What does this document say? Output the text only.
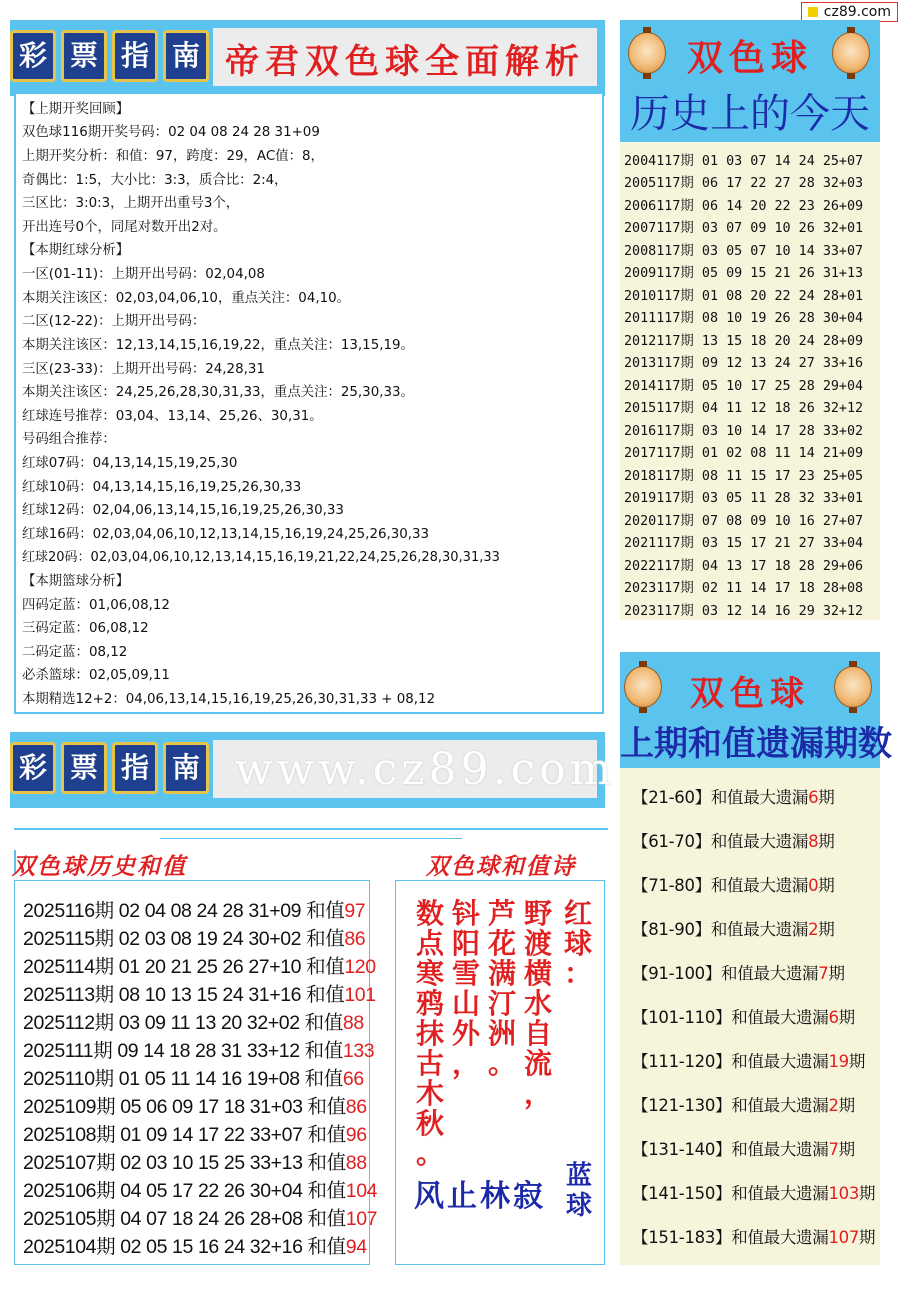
cz89.com
彩 票 指 南 帝君双色球全面解析
【上期开奖回顾】
双色球116期开奖号码：02 04 08 24 28 31+09
上期开奖分析：和值：97，跨度：29，AC值：8，
奇偶比：1:5，大小比：3:3，质合比：2:4，
三区比：3:0:3，上期开出重号3个，
开出连号0个，同尾对数开出2对。
【本期红球分析】
一区(01-11)：上期开出号码：02,04,08
本期关注该区：02,03,04,06,10，重点关注：04,10。
二区(12-22)：上期开出号码：
本期关注该区：12,13,14,15,16,19,22，重点关注：13,15,19。
三区(23-33)：上期开出号码：24,28,31
本期关注该区：24,25,26,28,30,31,33，重点关注：25,30,33。
红球连号推荐：03,04、13,14、25,26、30,31。
号码组合推荐：
红球07码：04,13,14,15,19,25,30
红球10码：04,13,14,15,16,19,25,26,30,33
红球12码：02,04,06,13,14,15,16,19,25,26,30,33
红球16码：02,03,04,06,10,12,13,14,15,16,19,24,25,26,30,33
红球20码：02,03,04,06,10,12,13,14,15,16,19,21,22,24,25,26,28,30,31,33
【本期篮球分析】
四码定蓝：01,06,08,12
三码定蓝：06,08,12
二码定蓝：08,12
必杀篮球：02,05,09,11
本期精选12+2：04,06,13,14,15,16,19,25,26,30,31,33 + 08,12
彩 票 指 南 www.cz89.com
双色球
历史上的今天
2004117期 01 03 07 14 24 25+07
2005117期 06 17 22 27 28 32+03
2006117期 06 14 20 22 23 26+09
2007117期 03 07 09 10 26 32+01
2008117期 03 05 07 10 14 33+07
2009117期 05 09 15 21 26 31+13
2010117期 01 08 20 22 24 28+01
2011117期 08 10 19 26 28 30+04
2012117期 13 15 18 20 24 28+09
2013117期 09 12 13 24 27 33+16
2014117期 05 10 17 25 28 29+04
2015117期 04 11 12 18 26 32+12
2016117期 03 10 14 17 28 33+02
2017117期 01 02 08 11 14 21+09
2018117期 08 11 15 17 23 25+05
2019117期 03 05 11 28 32 33+01
2020117期 07 08 09 10 16 27+07
2021117期 03 15 17 21 27 33+04
2022117期 04 13 17 18 28 29+06
2023117期 02 11 14 17 18 28+08
2023117期 03 12 14 16 29 32+12
双色球
上期和值遗漏期数
【21-60】和值最大遗漏6期
【61-70】和值最大遗漏8期
【71-80】和值最大遗漏0期
【81-90】和值最大遗漏2期
【91-100】和值最大遗漏7期
【101-110】和值最大遗漏6期
【111-120】和值最大遗漏19期
【121-130】和值最大遗漏2期
【131-140】和值最大遗漏7期
【141-150】和值最大遗漏103期
【151-183】和值最大遗漏107期
双色球历史和值	双色球和值诗
2025116期 02 04 08 24 28 31+09 和值97
2025115期 02 03 08 19 24 30+02 和值86
2025114期 01 20 21 25 26 27+10 和值120
2025113期 08 10 13 15 24 31+16 和值101
2025112期 03 09 11 13 20 32+02 和值88
2025111期 09 14 18 28 31 33+12 和值133
2025110期 01 05 11 14 16 19+08 和值66
2025109期 05 06 09 17 18 31+03 和值86
2025108期 01 09 14 17 22 33+07 和值96
2025107期 02 03 10 15 25 33+13 和值88
2025106期 04 05 17 22 26 30+04 和值104
2025105期 04 07 18 24 26 28+08 和值107
2025104期 02 05 15 16 24 32+16 和值94
红
球
：
野
渡
横
水
自
流
，
芦
花
满
汀
洲
。
钭
阳
雪
山
外
，
数
点
寒
鸦
抹
古
木
秋
。
风止林寂
蓝球
